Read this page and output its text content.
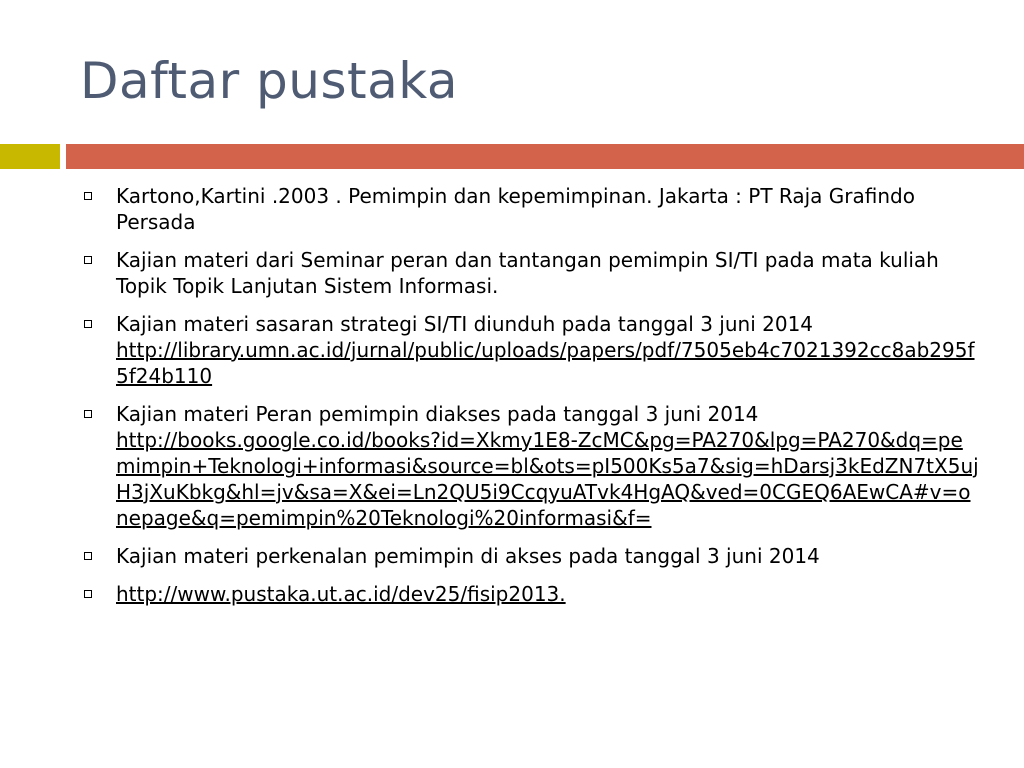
Daftar pustaka
Kartono,Kartini .2003 . Pemimpin dan kepemimpinan. Jakarta : PT Raja Grafindo Persada
Kajian materi dari Seminar peran dan tantangan pemimpin SI/TI pada mata kuliah Topik Topik Lanjutan Sistem Informasi.
Kajian materi sasaran strategi SI/TI diunduh pada tanggal 3 juni 2014
http://library.umn.ac.id/jurnal/public/uploads/papers/pdf/7505eb4c7021392cc8ab295f5f24b110
Kajian materi Peran pemimpin diakses pada tanggal 3 juni 2014
http://books.google.co.id/books?id=Xkmy1E8-ZcMC&pg=PA270&lpg=PA270&dq=pemimpin+Teknologi+informasi&source=bl&ots=pI500Ks5a7&sig=hDarsj3kEdZN7tX5ujH3jXuKbkg&hl=jv&sa=X&ei=Ln2QU5i9CcqyuATvk4HgAQ&ved=0CGEQ6AEwCA#v=onepage&q=pemimpin%20Teknologi%20informasi&f=
Kajian materi perkenalan pemimpin di akses pada tanggal 3 juni 2014
http://www.pustaka.ut.ac.id/dev25/fisip2013.
